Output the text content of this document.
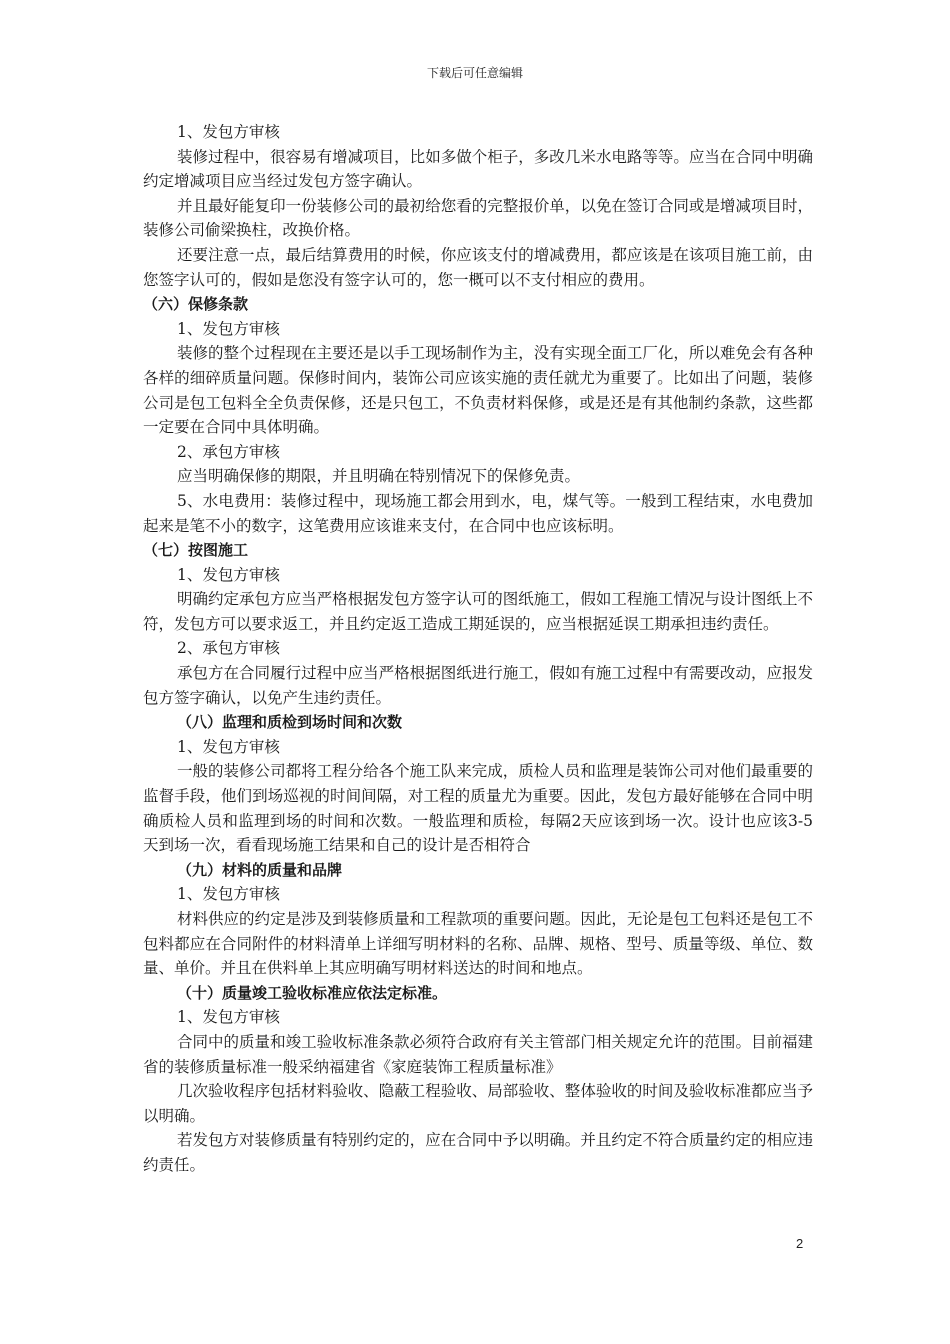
下载后可任意编辑

1、发包方审核

装修过程中，很容易有增减项目，比如多做个柜子，多改几米水电路等等。应当在合同中明确约定增减项目应当经过发包方签字确认。

并且最好能复印一份装修公司的最初给您看的完整报价单，以免在签订合同或是增减项目时，装修公司偷梁换柱，改换价格。

还要注意一点，最后结算费用的时候，你应该支付的增减费用，都应该是在该项目施工前，由您签字认可的，假如是您没有签字认可的，您一概可以不支付相应的费用。

（六）保修条款

1、发包方审核

装修的整个过程现在主要还是以手工现场制作为主，没有实现全面工厂化，所以难免会有各种各样的细碎质量问题。保修时间内，装饰公司应该实施的责任就尤为重要了。比如出了问题，装修公司是包工包料全全负责保修，还是只包工，不负责材料保修，或是还是有其他制约条款，这些都一定要在合同中具体明确。

2、承包方审核

应当明确保修的期限，并且明确在特别情况下的保修免责。

5、水电费用：装修过程中，现场施工都会用到水，电，煤气等。一般到工程结束，水电费加起来是笔不小的数字，这笔费用应该谁来支付，在合同中也应该标明。

（七）按图施工

1、发包方审核

明确约定承包方应当严格根据发包方签字认可的图纸施工，假如工程施工情况与设计图纸上不符，发包方可以要求返工，并且约定返工造成工期延误的，应当根据延误工期承担违约责任。

2、承包方审核

承包方在合同履行过程中应当严格根据图纸进行施工，假如有施工过程中有需要改动，应报发包方签字确认，以免产生违约责任。

（八）监理和质检到场时间和次数

1、发包方审核

一般的装修公司都将工程分给各个施工队来完成，质检人员和监理是装饰公司对他们最重要的监督手段，他们到场巡视的时间间隔，对工程的质量尤为重要。因此，发包方最好能够在合同中明确质检人员和监理到场的时间和次数。一般监理和质检，每隔2天应该到场一次。设计也应该3-5天到场一次，看看现场施工结果和自己的设计是否相符合

（九）材料的质量和品牌

1、发包方审核

材料供应的约定是涉及到装修质量和工程款项的重要问题。因此，无论是包工包料还是包工不包料都应在合同附件的材料清单上详细写明材料的名称、品牌、规格、型号、质量等级、单位、数量、单价。并且在供料单上其应明确写明材料送达的时间和地点。

（十）质量竣工验收标准应依法定标准。

1、发包方审核

合同中的质量和竣工验收标准条款必须符合政府有关主管部门相关规定允许的范围。目前福建省的装修质量标准一般采纳福建省《家庭装饰工程质量标准》

几次验收程序包括材料验收、隐蔽工程验收、局部验收、整体验收的时间及验收标准都应当予以明确。

若发包方对装修质量有特别约定的，应在合同中予以明确。并且约定不符合质量约定的相应违约责任。

2
